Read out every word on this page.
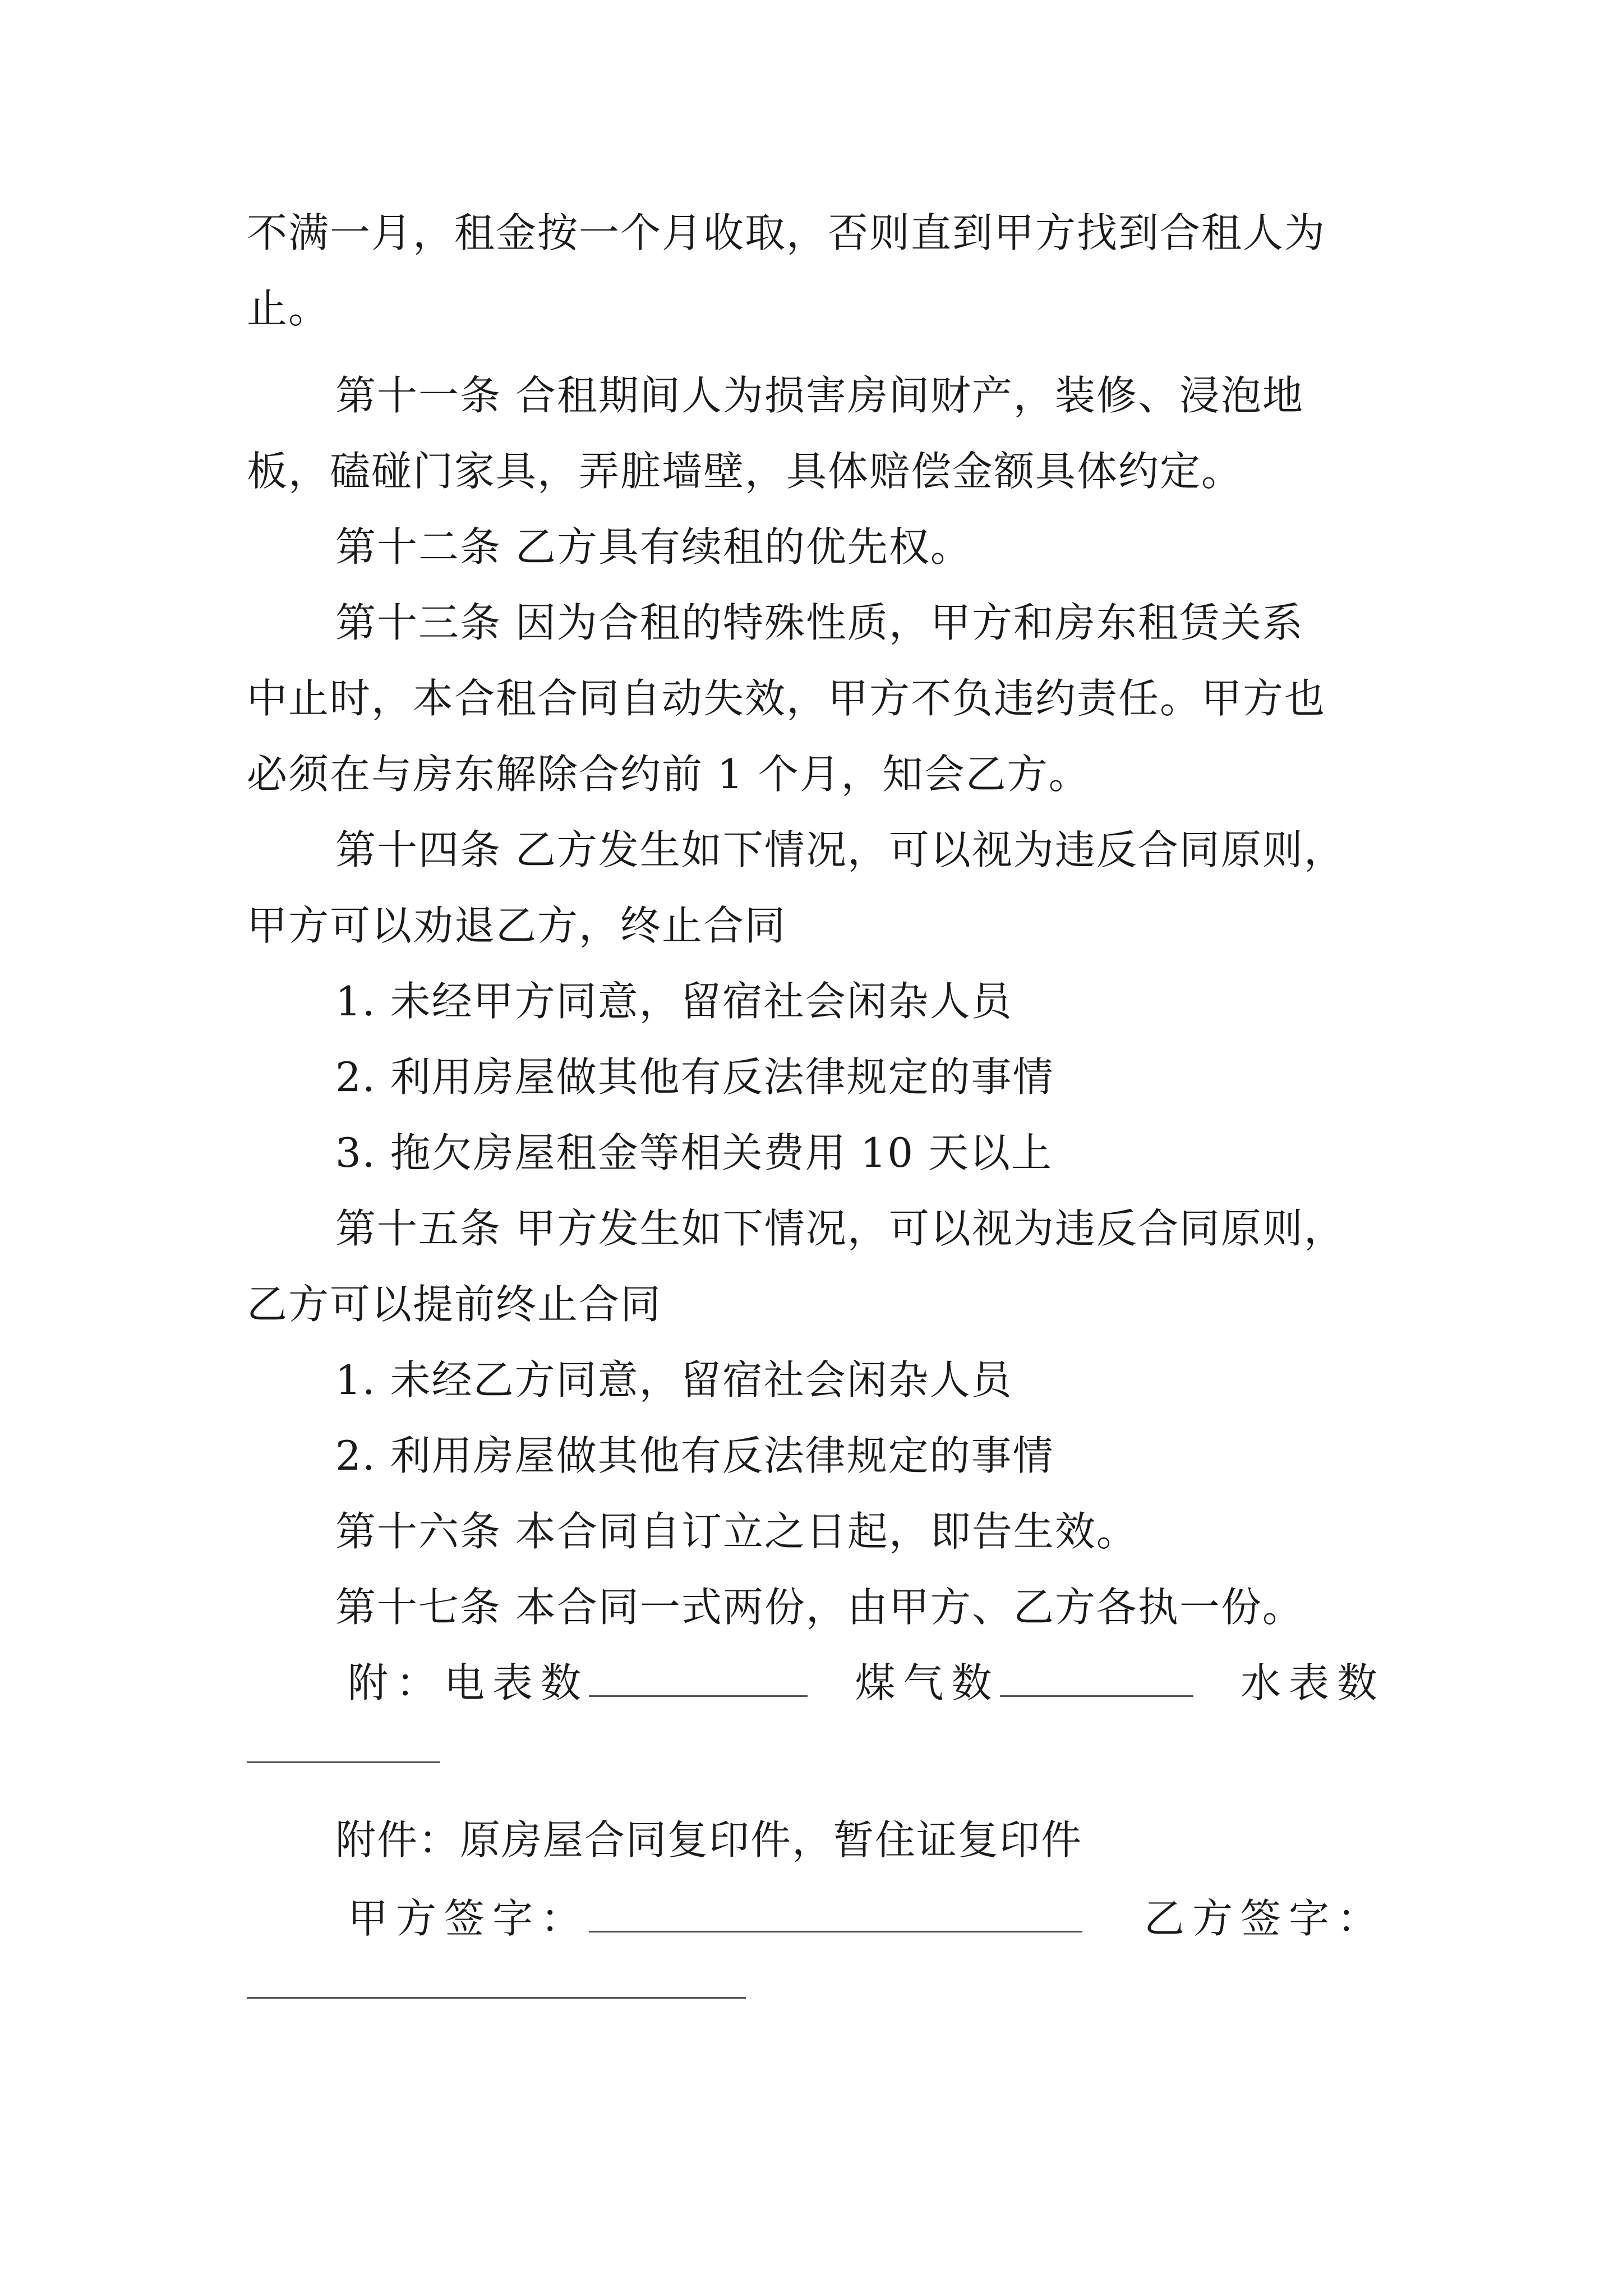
不满一月，租金按一个月收取，否则直到甲方找到合租人为
止。
第十一条 合租期间人为损害房间财产，装修、浸泡地
板，磕碰门家具，弄脏墙壁，具体赔偿金额具体约定。
第十二条 乙方具有续租的优先权。
第十三条 因为合租的特殊性质，甲方和房东租赁关系
中止时，本合租合同自动失效，甲方不负违约责任。甲方也
必须在与房东解除合约前 1 个月，知会乙方。
第十四条 乙方发生如下情况，可以视为违反合同原则，
甲方可以劝退乙方，终止合同
1. 未经甲方同意，留宿社会闲杂人员
2. 利用房屋做其他有反法律规定的事情
3. 拖欠房屋租金等相关费用 10 天以上
第十五条 甲方发生如下情况，可以视为违反合同原则，
乙方可以提前终止合同
1. 未经乙方同意，留宿社会闲杂人员
2. 利用房屋做其他有反法律规定的事情
第十六条 本合同自订立之日起，即告生效。
第十七条 本合同一式两份，由甲方、乙方各执一份。
附：电表数	煤气数	水表数
附件：原房屋合同复印件，暂住证复印件
甲方签字：	乙方签字：
